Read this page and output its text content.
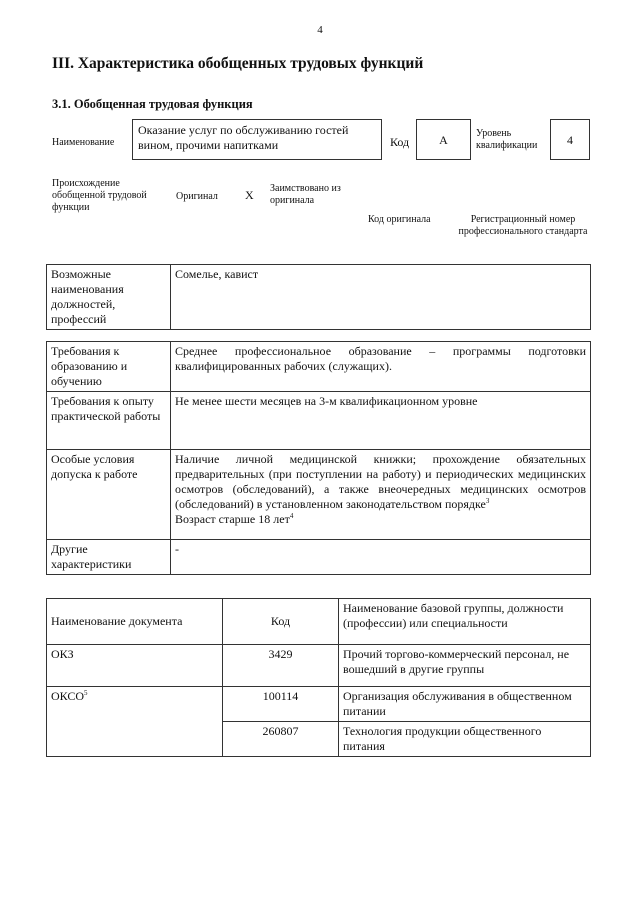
4
III. Характеристика обобщенных трудовых функций
3.1. Обобщенная трудовая функция
Наименование
Оказание услуг по обслуживанию гостей вином, прочими напитками	Код	A	Уровень квалификации	4
Происхождение обобщенной трудовой функции
Оригинал X Заимствовано из оригинала
Код оригинала	Регистрационный номер профессионального стандарта
Возможные наименования должностей, профессий	Сомелье, кавист
Требования к образованию и обучению	Среднее профессиональное образование – программы подготовки квалифицированных рабочих (служащих).
Требования к опыту практической работы	Не менее шести месяцев на 3-м квалификационном уровне
Особые условия допуска к работе	Наличие личной медицинской книжки; прохождение обязательных предварительных (при поступлении на работу) и периодических медицинских осмотров (обследований), а также внеочередных медицинских осмотров (обследований) в установленном законодательством порядке$^3$
Возраст старше 18 лет$^4$
Другие характеристики	-
Наименование документа	Код	Наименование базовой группы, должности (профессии) или специальности
ОКЗ	3429	Прочий торгово-коммерческий персонал, не вошедший в другие группы
ОКСО$^5$	100114	Организация обслуживания в общественном питании
	260807	Технология продукции общественного питания
